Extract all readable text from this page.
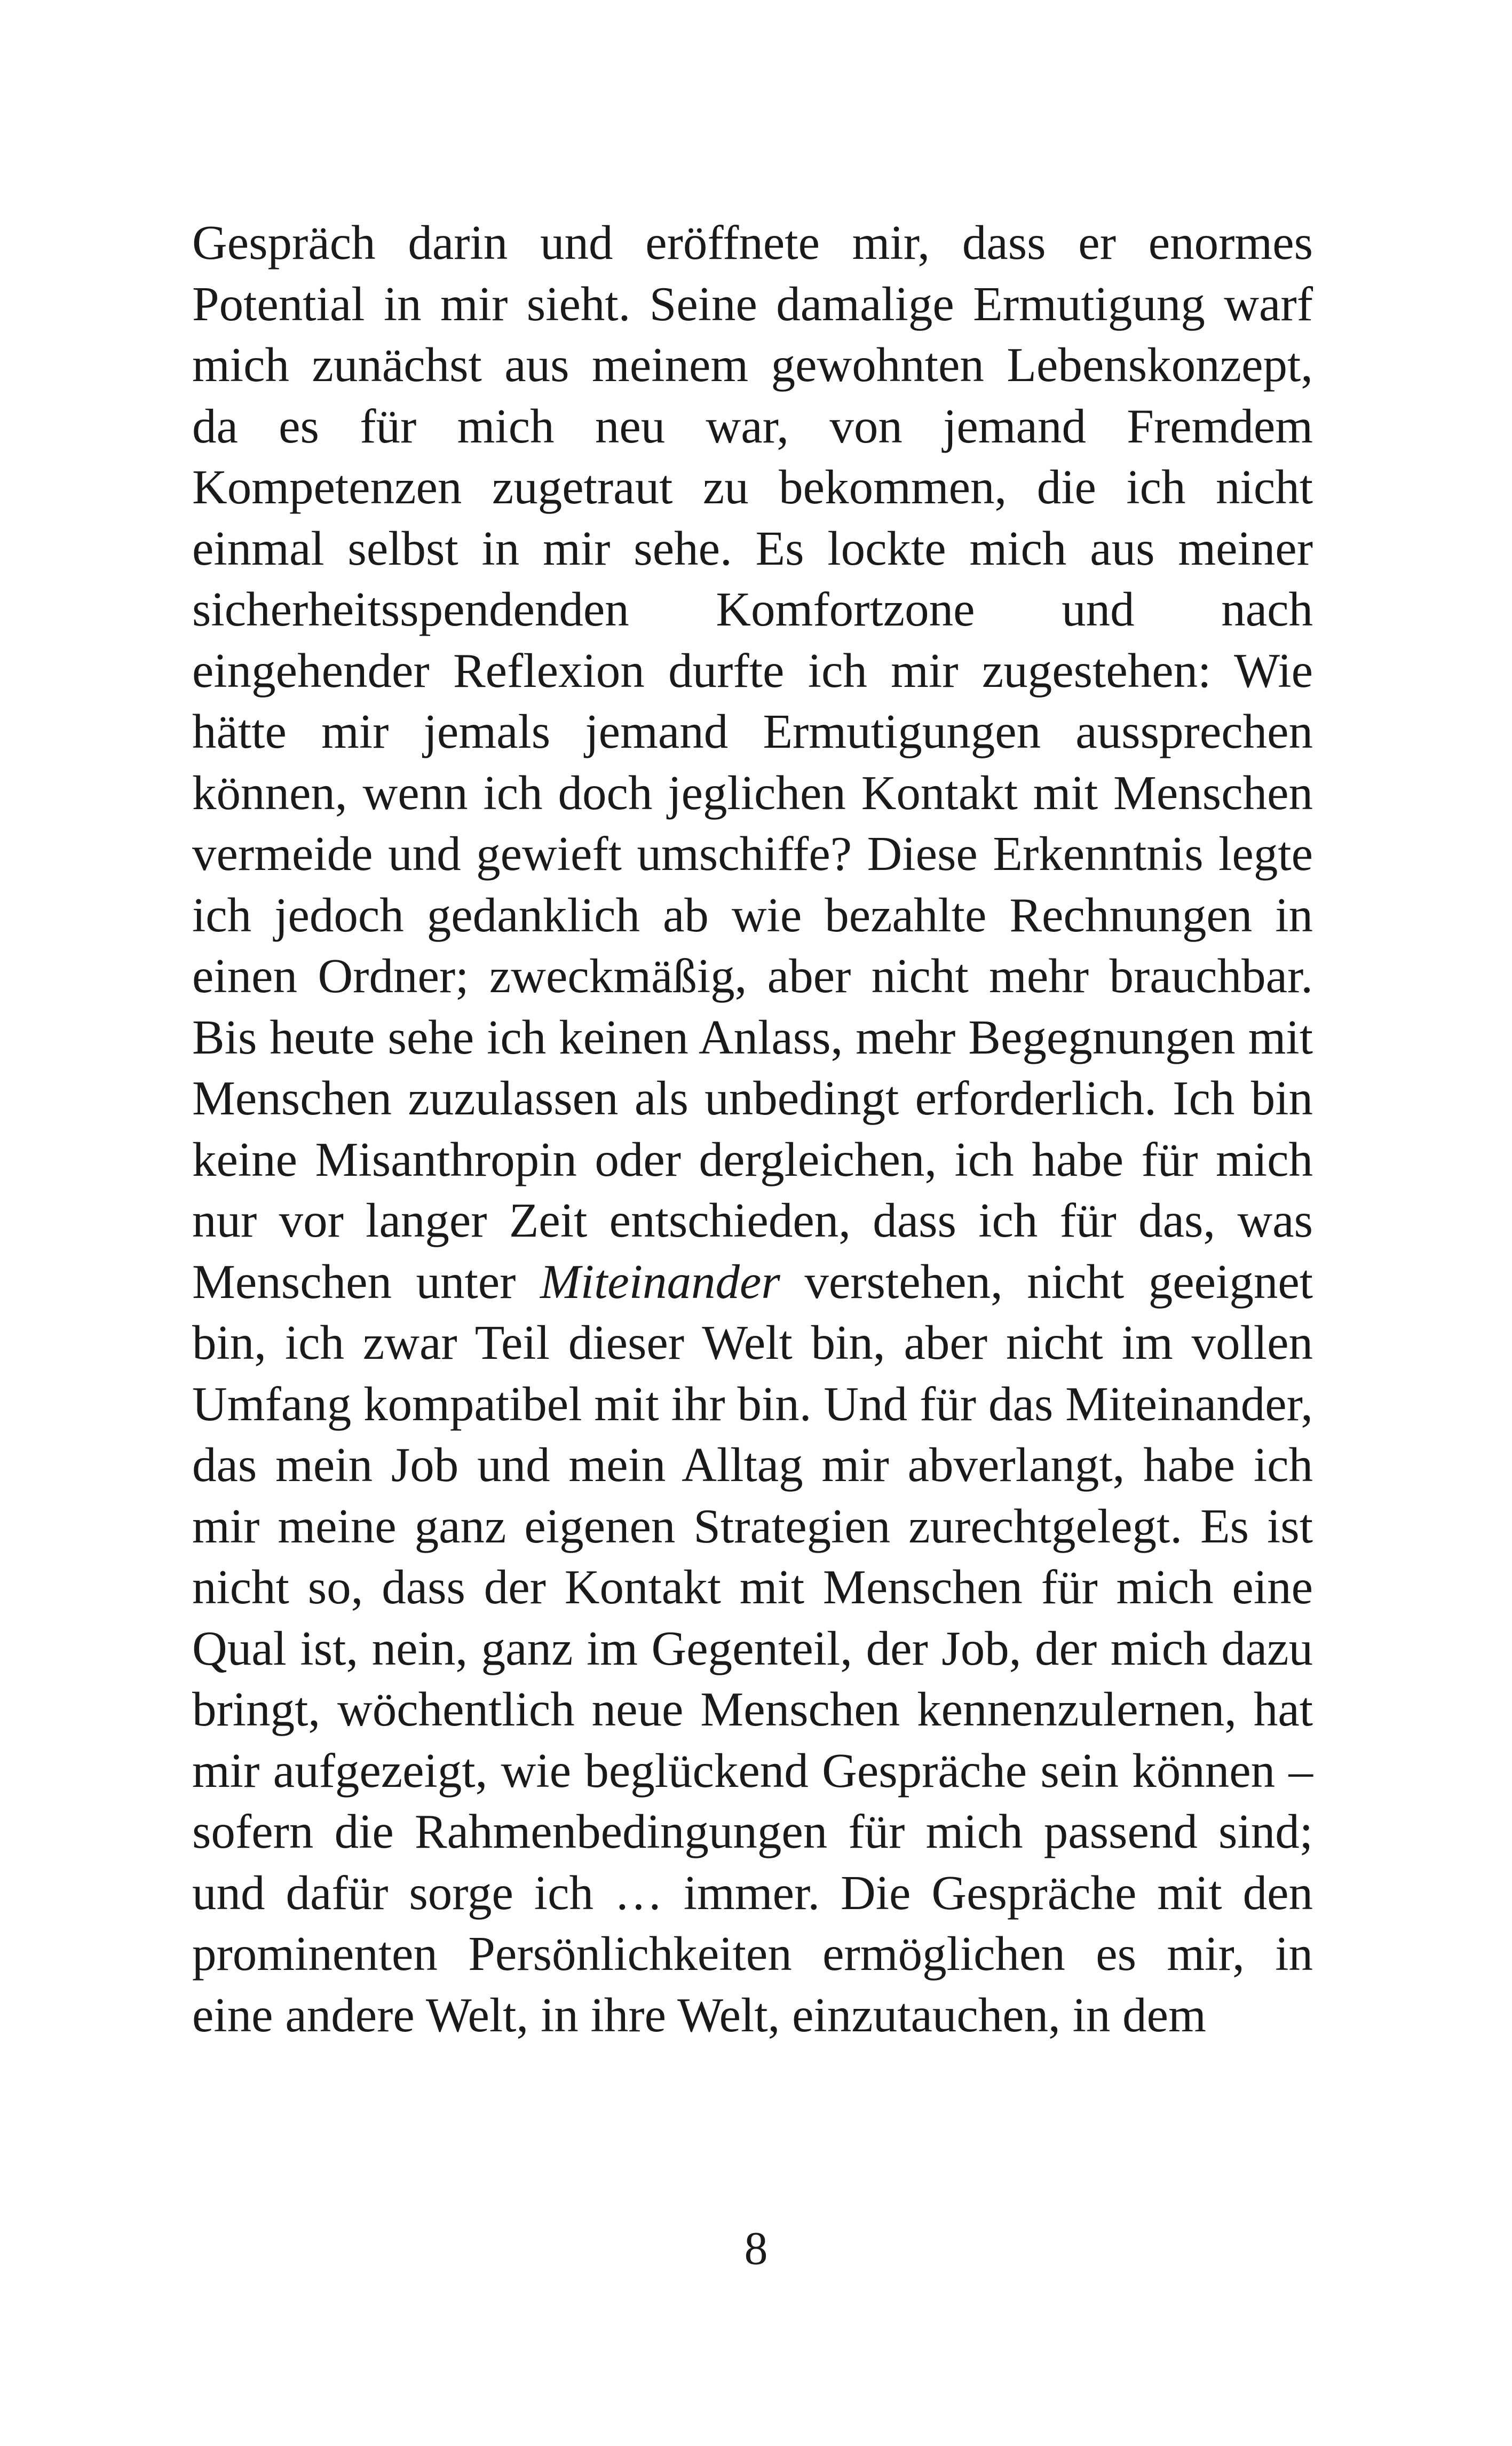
Gespräch darin und eröffnete mir, dass er enormes Potential in mir sieht. Seine damalige Ermutigung warf mich zunächst aus meinem gewohnten Lebenskonzept, da es für mich neu war, von jemand Fremdem Kompetenzen zugetraut zu bekommen, die ich nicht einmal selbst in mir sehe. Es lockte mich aus meiner sicherheitsspendenden Komfortzone und nach eingehender Reflexion durfte ich mir zugestehen: Wie hätte mir jemals jemand Ermutigungen aussprechen können, wenn ich doch jeglichen Kontakt mit Menschen vermeide und gewieft umschiffe? Diese Erkenntnis legte ich jedoch gedanklich ab wie bezahlte Rechnungen in einen Ordner; zweckmäßig, aber nicht mehr brauchbar. Bis heute sehe ich keinen Anlass, mehr Begegnungen mit Menschen zuzulassen als unbedingt erforderlich. Ich bin keine Misanthropin oder dergleichen, ich habe für mich nur vor langer Zeit entschieden, dass ich für das, was Menschen unter Miteinander verstehen, nicht geeignet bin, ich zwar Teil dieser Welt bin, aber nicht im vollen Umfang kompatibel mit ihr bin. Und für das Miteinander, das mein Job und mein Alltag mir abverlangt, habe ich mir meine ganz eigenen Strategien zurechtgelegt. Es ist nicht so, dass der Kontakt mit Menschen für mich eine Qual ist, nein, ganz im Gegenteil, der Job, der mich dazu bringt, wöchentlich neue Menschen kennenzulernen, hat mir aufgezeigt, wie beglückend Gespräche sein können – sofern die Rahmenbedingungen für mich passend sind; und dafür sorge ich … immer. Die Gespräche mit den prominenten Persönlichkeiten ermöglichen es mir, in eine andere Welt, in ihre Welt, einzutauchen, in dem

8
